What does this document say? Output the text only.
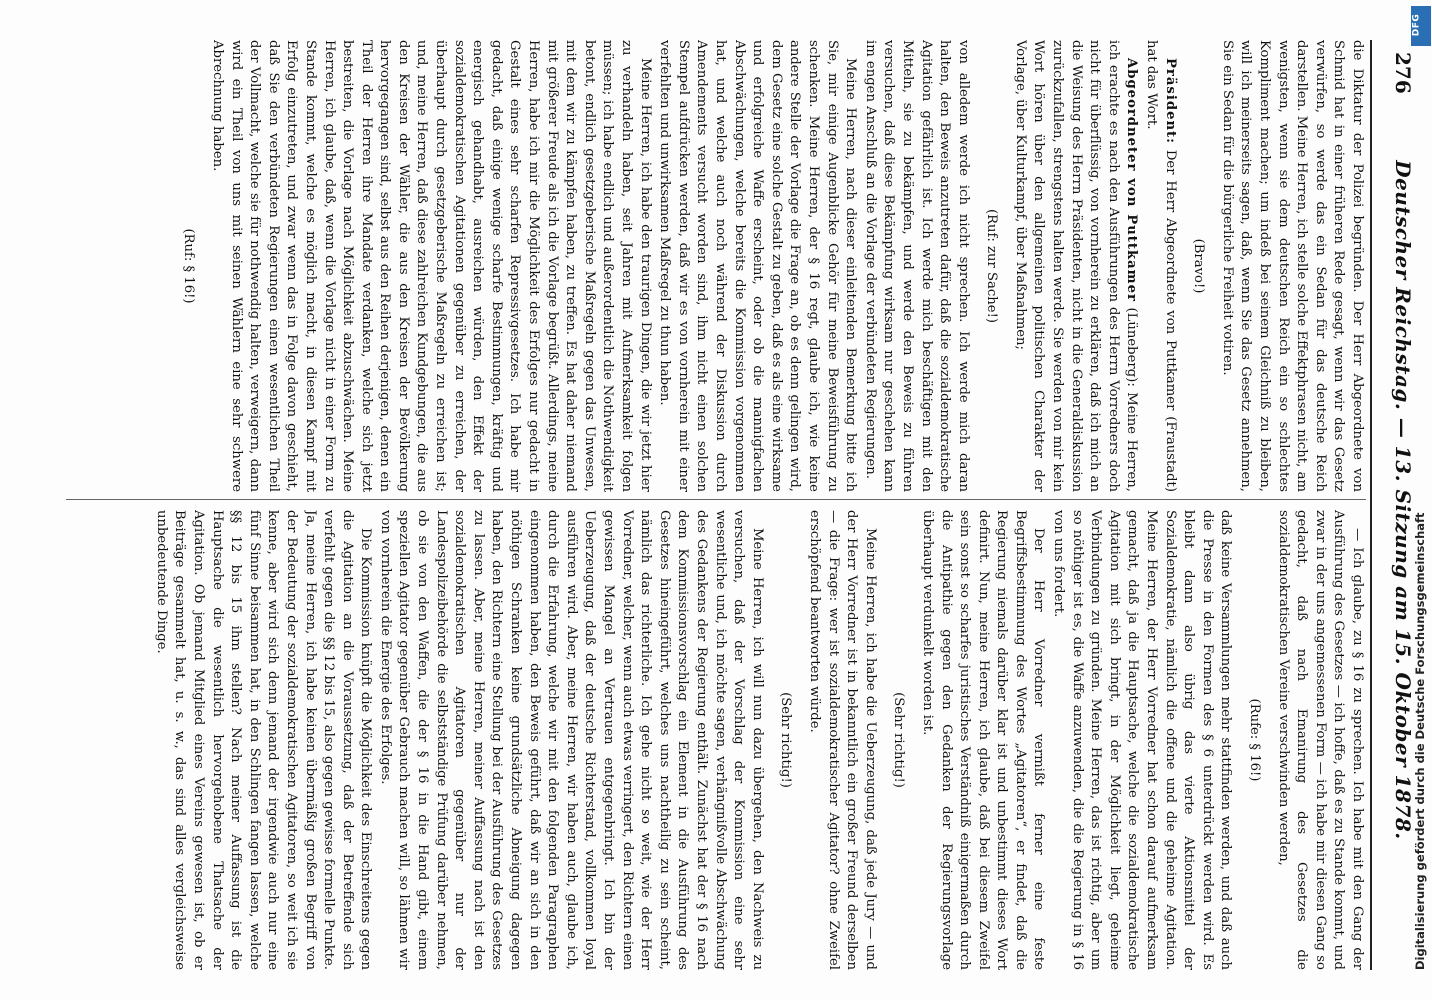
276
Deutscher Reichstag. — 13. Sitzung am 15. Oktober 1878.

die Diktatur der Polizei begründen. Der Herr Abgeordnete von Schmid hat in einer früheren Rede gesagt, wenn wir das Gesetz verwürfen, so werde das ein Sedan für das deutsche Reich darstellen. Meine Herren, ich stelle solche Effektphrasen nicht, am wenigsten, wenn sie dem deutschen Reich ein so schlechtes Kompliment machen; um indeß bei seinem Gleichniß zu bleiben, will ich meinerseits sagen, daß, wenn Sie das Gesetz annehmen, Sie ein Sedan für die bürgerliche Freiheit votiren.

(Bravo!)

Präsident: Der Herr Abgeordnete von Puttkamer (Fraustadt) hat das Wort.

Abgeordneter von Puttkamer (Lüneberg): Meine Herren, ich erachte es nach den Ausführungen des Herrn Vorredners doch nicht für überflüssig, von vornherein zu erklären, daß ich mich an die Weisung des Herrn Präsidenten, nicht in die Generaldiskussion zurückzufallen, strengstens halten werde. Sie werden von mir kein Wort hören über den allgemeinen politischen Charakter der Vorlage, über Kulturkampf, über Maßnahmen;

(Ruf: zur Sache!)

von alledem werde ich nicht sprechen. Ich werde mich daran halten, den Beweis anzutreten dafür, daß die sozialdemokratische Agitation gefährlich ist. Ich werde mich beschäftigen mit den Mitteln, sie zu bekämpfen, und werde den Beweis zu führen versuchen, daß diese Bekämpfung wirksam nur geschehen kann im engen Anschluß an die Vorlage der verbündeten Regierungen.

Meine Herren, nach dieser einleitenden Bemerkung bitte ich Sie, mir einige Augenblicke Gehör für meine Beweisführung zu schenken. Meine Herren, der § 16 regt, glaube ich, wie keine andere Stelle der Vorlage die Frage an, ob es denn gelingen wird, dem Gesetz eine solche Gestalt zu geben, daß es als eine wirksame und erfolgreiche Waffe erscheint, oder ob die mannigfachen Abschwächungen, welche bereits die Kommission vorgenommen hat, und welche auch noch während der Diskussion durch Amendements versucht worden sind, ihm nicht einen solchen Stempel aufdrücken werden, daß wir es von vornherein mit einer verfehlten und unwirksamen Maßregel zu thun haben.

Meine Herren, ich habe den traurigen Dingen, die wir jetzt hier zu verhandeln haben, seit Jahren mit Aufmerksamkeit folgen müssen; ich habe endlich und außerordentlich die Nothwendigkeit betont, endlich gesetzgeberische Maßregeln gegen das Unwesen, mit dem wir zu kämpfen haben, zu treffen. Es hat daher niemand mit größerer Freude als ich die Vorlage begrüßt. Allerdings, meine Herren, habe ich mir die Möglichkeit des Erfolges nur gedacht in Gestalt eines sehr scharfen Repressivgesetzes. Ich habe mir gedacht, daß einige wenige scharfe Bestimmungen, kräftig und energisch gehandhabt, ausreichen würden, den Effekt der sozialdemokratischen Agitationen gegenüber zu erreichen, der überhaupt durch gesetzgeberische Maßregeln zu erreichen ist; und, meine Herren, daß diese zahlreichen Kundgebungen, die aus den Kreisen der Wähler, die aus den Kreisen der Bevölkerung hervorgegangen sind, selbst aus den Reihen derjenigen, denen ein Theil der Herren ihre Mandate verdanken, welche sich jetzt bestreiten, die Vorlage nach Möglichkeit abzuschwächen. Meine Herren, ich glaube, daß, wenn die Vorlage nicht in einer Form zu Stande kommt, welche es möglich macht, in diesen Kampf mit Erfolg einzutreten, und zwar wenn das in Folge davon geschieht, daß Sie den verbündeten Regierungen einen wesentlichen Theil der Vollmacht, welche sie für nothwendig halten, verweigern, dann wird ein Theil von uns mit seinen Wählern eine sehr schwere Abrechnung haben.

(Ruf: § 16!)

— Ich glaube, zu § 16 zu sprechen. Ich habe mit den Gang der Ausführung des Gesetzes — ich hoffe, daß es zu Stande kommt, und zwar in der uns angemessenen Form — ich habe mir diesen Gang so gedacht, daß nach Emanirung des Gesetzes die sozialdemokratischen Vereine verschwinden werden,

(Rufe: § 16!)

daß keine Versammlungen mehr stattfinden werden, und daß auch die Presse in den Formen des § 6 unterdrückt werden wird. Es bleibt dann also übrig das vierte Aktionsmittel der Sozialdemokratie, nämlich die offene und die geheime Agitation. Meine Herren, der Herr Vorredner hat schon darauf aufmerksam gemacht, daß ja die Hauptsache, welche die sozialdemokratische Agitation mit sich bringt, in der Möglichkeit liegt, geheime Verbindungen zu gründen. Meine Herren, das ist richtig, aber um so nöthiger ist es, die Waffe anzuwenden, die die Regierung in § 16 von uns fordert.

Der Herr Vorredner vermißt ferner eine feste Begriffsbestimmung des Wortes „Agitatoren“, er findet, daß die Regierung niemals darüber klar ist und unbestimmt dieses Wort definirt. Nun, meine Herren, ich glaube, daß bei diesem Zweifel sein sonst so scharfes juristisches Verständniß einigermaßen durch die Antipathie gegen den Gedanken der Regierungsvorlage überhaupt verdunkelt worden ist.

(Sehr richtig!)

Meine Herren, ich habe die Ueberzeugung, daß jede Jury — und der Herr Vorredner ist in bekanntlich ein großer Freund derselben — die Frage: wer ist sozialdemokratischer Agitator? ohne Zweifel erschöpfend beantworten würde.

(Sehr richtig!)

Meine Herren, ich will nun dazu übergehen, den Nachweis zu versuchen, daß der Vorschlag der Kommission eine sehr wesentliche und, ich möchte sagen, verhängnißvolle Abschwächung des Gedankens der Regierung enthält. Zunächst hat der § 16 nach dem Kommissionsvorschlag ein Element in die Ausführung des Gesetzes hineingeführt, welches uns nachtheilig zu sein scheint, nämlich das richterliche. Ich gehe nicht so weit, wie der Herr Vorredner, welcher, wenn auch etwas verringert, den Richtern einen gewissen Mangel an Vertrauen entgegenbringt. Ich bin der Ueberzeugung, daß der deutsche Richterstand, vollkommen loyal ausführen wird. Aber, meine Herren, wir haben auch, glaube ich, durch die Erfahrung, welche wir mit den folgenden Paragraphen eingenommen haben, den Beweis geführt, daß wir an sich in den nöthigen Schranken keine grundsätzliche Abneigung dagegen haben, den Richtern eine Stellung bei der Ausführung des Gesetzes zu lassen. Aber, meine Herren, meiner Auffassung nach ist den sozialdemokratischen Agitatoren gegenüber nur der Landespolizeibehörde die selbstständige Prüfung darüber nehmen, ob sie von den Waffen, die der § 16 in die Hand gibt, einem speziellen Agitator gegenüber Gebrauch machen will, so lähmen wir von vornherein die Energie des Erfolges.

Die Kommission knüpft die Möglichkeit des Einschreitens gegen die Agitation an die Voraussetzung, daß der Betreffende sich verfehlt gegen die §§ 12 bis 15, also gegen gewisse formelle Punkte. Ja, meine Herren, ich habe keinen übermäßig großen Begriff von der Bedeutung der sozialdemokratischen Agitatoren, so weit ich sie kenne, aber wird sich denn jemand der irgendwie auch nur eine fünf Sinne beisammen hat, in den Schlingen fangen lassen, welche §§ 12 bis 15 ihm stellen? Nach meiner Auffassung ist die Hauptsache die wesentlich hervorgehobene Thatsache der Agitation. Ob jemand Mitglied eines Vereins gewesen ist, ob er Beiträge gesammelt hat, u. s. w., das sind alles vergleichsweise unbedeutende Dinge.	Digitalisierung gefördert durch die Deutsche Forschungsgemeinschaft
DFG
